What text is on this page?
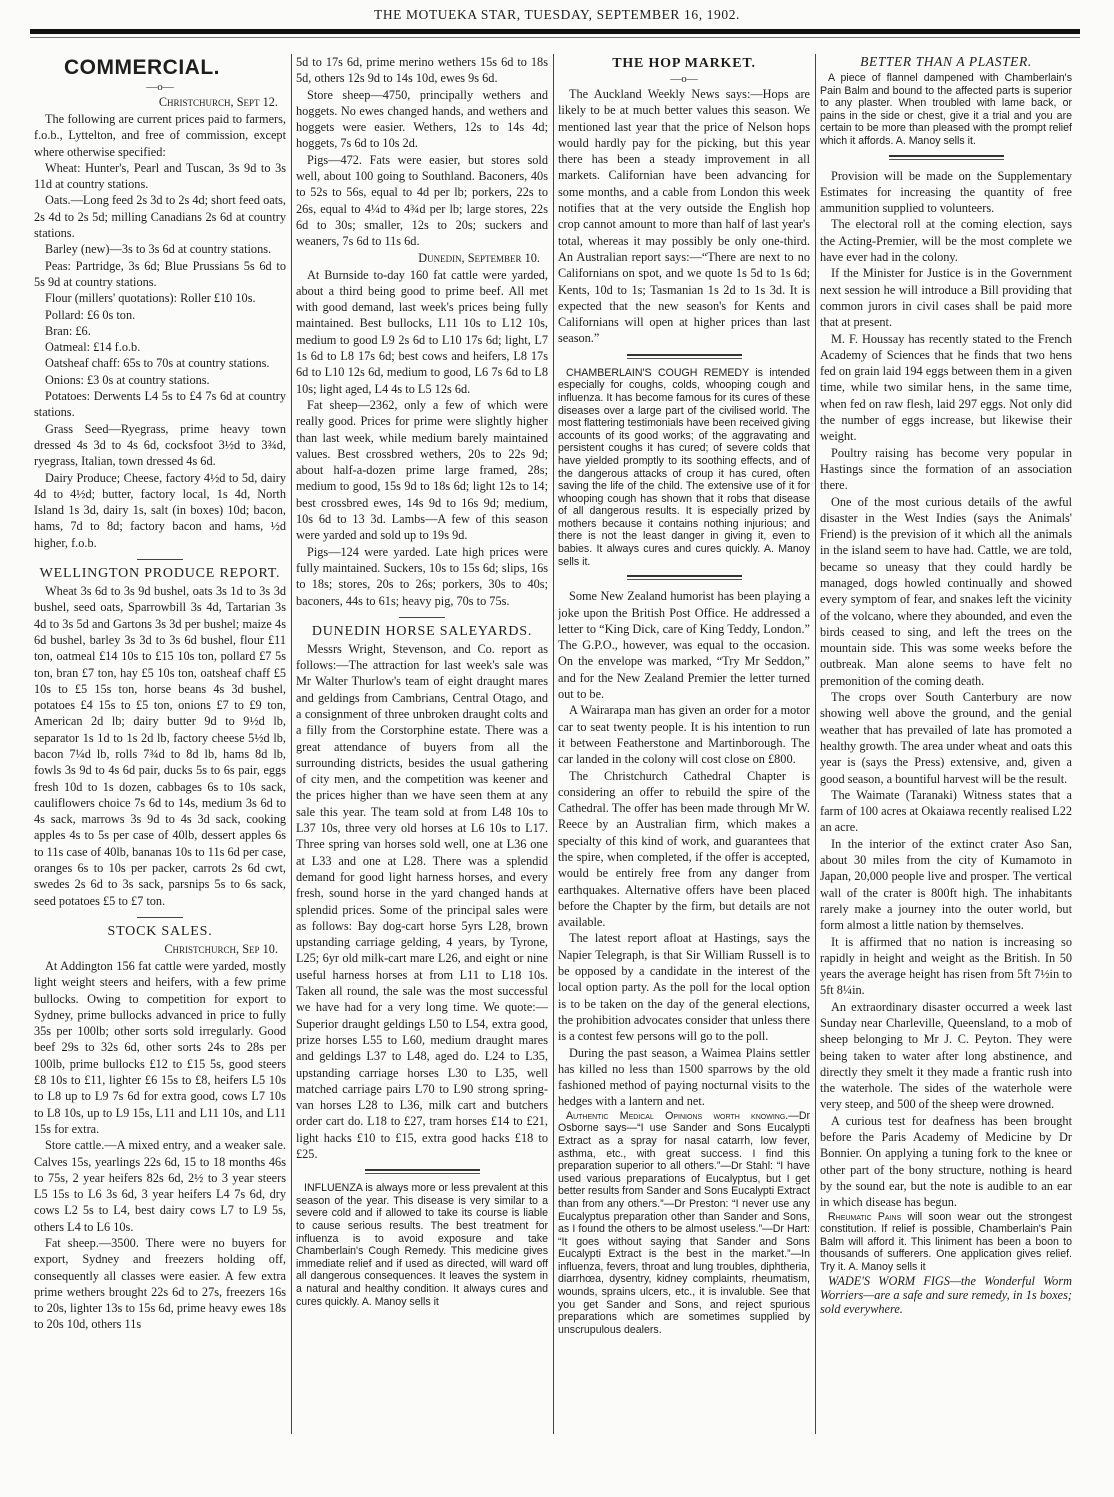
THE MOTUEKA STAR, TUESDAY, SEPTEMBER 16, 1902.
COMMERCIAL.
—o—
Christchurch, Sept 12.

The following are current prices paid to farmers, f.o.b., Lyttelton, and free of commission, except where otherwise specified:

Wheat: Hunter's, Pearl and Tuscan, 3s 9d to 3s 11d at country stations.

Oats.—Long feed 2s 3d to 2s 4d; short feed oats, 2s 4d to 2s 5d; milling Canadians 2s 6d at country stations.

Barley (new)—3s to 3s 6d at country stations.

Peas: Partridge, 3s 6d; Blue Prussians 5s 6d to 5s 9d at country stations.

Flour (millers' quotations): Roller £10 10s.

Pollard: £6 0s ton.

Bran: £6.

Oatmeal: £14 f.o.b.

Oatsheaf chaff: 65s to 70s at country stations.

Onions: £3 0s at country stations.

Potatoes: Derwents L4 5s to £4 7s 6d at country stations.

Grass Seed—Ryegrass, prime heavy town dressed 4s 3d to 4s 6d, cocksfoot 3½d to 3¾d, ryegrass, Italian, town dressed 4s 6d.

Dairy Produce; Cheese, factory 4½d to 5d, dairy 4d to 4½d; butter, factory local, 1s 4d, North Island 1s 3d, dairy 1s, salt (in boxes) 10d; bacon, hams, 7d to 8d; factory bacon and hams, ½d higher, f.o.b.

WELLINGTON PRODUCE REPORT.

Wheat 3s 6d to 3s 9d bushel, oats 3s 1d to 3s 3d bushel, seed oats, Sparrowbill 3s 4d, Tartarian 3s 4d to 3s 5d and Gartons 3s 3d per bushel; maize 4s 6d bushel, barley 3s 3d to 3s 6d bushel, flour £11 ton, oatmeal £14 10s to £15 10s ton, pollard £7 5s ton, bran £7 ton, hay £5 10s ton, oatsheaf chaff £5 10s to £5 15s ton, horse beans 4s 3d bushel, potatoes £4 15s to £5 ton, onions £7 to £9 ton, American 2d lb; dairy butter 9d to 9½d lb, separator 1s 1d to 1s 2d lb, factory cheese 5½d lb, bacon 7¼d lb, rolls 7¾d to 8d lb, hams 8d lb, fowls 3s 9d to 4s 6d pair, ducks 5s to 6s pair, eggs fresh 10d to 1s dozen, cabbages 6s to 10s sack, cauliflowers choice 7s 6d to 14s, medium 3s 6d to 4s sack, marrows 3s 9d to 4s 3d sack, cooking apples 4s to 5s per case of 40lb, dessert apples 6s to 11s case of 40lb, bananas 10s to 11s 6d per case, oranges 6s to 10s per packer, carrots 2s 6d cwt, swedes 2s 6d to 3s sack, parsnips 5s to 6s sack, seed potatoes £5 to £7 ton.

STOCK SALES.
Christchurch, Sep 10.

At Addington 156 fat cattle were yarded, mostly light weight steers and heifers, with a few prime bullocks. Owing to competition for export to Sydney, prime bullocks advanced in price to fully 35s per 100lb; other sorts sold irregularly. Good beef 29s to 32s 6d, other sorts 24s to 28s per 100lb, prime bullocks £12 to £15 5s, good steers £8 10s to £11, lighter £6 15s to £8, heifers L5 10s to L8 up to L9 7s 6d for extra good, cows L7 10s to L8 10s, up to L9 15s, L11 and L11 10s, and L11 15s for extra.

Store cattle.—A mixed entry, and a weaker sale. Calves 15s, yearlings 22s 6d, 15 to 18 months 46s to 75s, 2 year heifers 82s 6d, 2½ to 3 year steers L5 15s to L6 3s 6d, 3 year heifers L4 7s 6d, dry cows L2 5s to L4, best dairy cows L7 to L9 5s, others L4 to L6 10s.

Fat sheep.—3500. There were no buyers for export, Sydney and freezers holding off, consequently all classes were easier. A few extra prime wethers brought 22s 6d to 27s, freezers 16s to 20s, lighter 13s to 15s 6d, prime heavy ewes 18s to 20s 10d, others 11s

5d to 17s 6d, prime merino wethers 15s 6d to 18s 5d, others 12s 9d to 14s 10d, ewes 9s 6d.

Store sheep—4750, principally wethers and hoggets. No ewes changed hands, and wethers and hoggets were easier. Wethers, 12s to 14s 4d; hoggets, 7s 6d to 10s 2d.

Pigs—472. Fats were easier, but stores sold well, about 100 going to Southland. Baconers, 40s to 52s to 56s, equal to 4d per lb; porkers, 22s to 26s, equal to 4¼d to 4¾d per lb; large stores, 22s 6d to 30s; smaller, 12s to 20s; suckers and weaners, 7s 6d to 11s 6d.

Dunedin, September 10.

At Burnside to-day 160 fat cattle were yarded, about a third being good to prime beef. All met with good demand, last week's prices being fully maintained. Best bullocks, L11 10s to L12 10s, medium to good L9 2s 6d to L10 17s 6d; light, L7 1s 6d to L8 17s 6d; best cows and heifers, L8 17s 6d to L10 12s 6d, medium to good, L6 7s 6d to L8 10s; light aged, L4 4s to L5 12s 6d.

Fat sheep—2362, only a few of which were really good. Prices for prime were slightly higher than last week, while medium barely maintained values. Best crossbred wethers, 20s to 22s 9d; about half-a-dozen prime large framed, 28s; medium to good, 15s 9d to 18s 6d; light 12s to 14; best crossbred ewes, 14s 9d to 16s 9d; medium, 10s 6d to 13 3d. Lambs—A few of this season were yarded and sold up to 19s 9d.

Pigs—124 were yarded. Late high prices were fully maintained. Suckers, 10s to 15s 6d; slips, 16s to 18s; stores, 20s to 26s; porkers, 30s to 40s; baconers, 44s to 61s; heavy pig, 70s to 75s.

DUNEDIN HORSE SALEYARDS.

Messrs Wright, Stevenson, and Co. report as follows:—The attraction for last week's sale was Mr Walter Thurlow's team of eight draught mares and geldings from Cambrians, Central Otago, and a consignment of three unbroken draught colts and a filly from the Corstorphine estate. There was a great attendance of buyers from all the surrounding districts, besides the usual gathering of city men, and the competition was keener and the prices higher than we have seen them at any sale this year. The team sold at from L48 10s to L37 10s, three very old horses at L6 10s to L17. Three spring van horses sold well, one at L36 one at L33 and one at L28. There was a splendid demand for good light harness horses, and every fresh, sound horse in the yard changed hands at splendid prices. Some of the principal sales were as follows: Bay dog-cart horse 5yrs L28, brown upstanding carriage gelding, 4 years, by Tyrone, L25; 6yr old milk-cart mare L26, and eight or nine useful harness horses at from L11 to L18 10s. Taken all round, the sale was the most successful we have had for a very long time. We quote:—Superior draught geldings L50 to L54, extra good, prize horses L55 to L60, medium draught mares and geldings L37 to L48, aged do. L24 to L35, upstanding carriage horses L30 to L35, well matched carriage pairs L70 to L90 strong spring-van horses L28 to L36, milk cart and butchers order cart do. L18 to £27, tram horses £14 to £21, light hacks £10 to £15, extra good hacks £18 to £25.

INFLUENZA is always more or less prevalent at this season of the year. This disease is very similar to a severe cold and if allowed to take its course is liable to cause serious results. The best treatment for influenza is to avoid exposure and take Chamberlain's Cough Remedy. This medicine gives immediate relief and if used as directed, will ward off all dangerous consequences. It leaves the system in a natural and healthy condition. It always cures and cures quickly. A. Manoy sells it

THE HOP MARKET.
—o—

The Auckland Weekly News says:—Hops are likely to be at much better values this season. We mentioned last year that the price of Nelson hops would hardly pay for the picking, but this year there has been a steady improvement in all markets. Californian have been advancing for some months, and a cable from London this week notifies that at the very outside the English hop crop cannot amount to more than half of last year's total, whereas it may possibly be only one-third. An Australian report says:—“There are next to no Californians on spot, and we quote 1s 5d to 1s 6d; Kents, 10d to 1s; Tasmanian 1s 2d to 1s 3d. It is expected that the new season's for Kents and Californians will open at higher prices than last season.”

CHAMBERLAIN'S COUGH REMEDY is intended especially for coughs, colds, whooping cough and influenza. It has become famous for its cures of these diseases over a large part of the civilised world. The most flattering testimonials have been received giving accounts of its good works; of the aggravating and persistent coughs it has cured; of severe colds that have yielded promptly to its soothing effects, and of the dangerous attacks of croup it has cured, often saving the life of the child. The extensive use of it for whooping cough has shown that it robs that disease of all dangerous results. It is especially prized by mothers because it contains nothing injurious; and there is not the least danger in giving it, even to babies. It always cures and cures quickly. A. Manoy sells it.

Some New Zealand humorist has been playing a joke upon the British Post Office. He addressed a letter to “King Dick, care of King Teddy, London.” The G.P.O., however, was equal to the occasion. On the envelope was marked, “Try Mr Seddon,” and for the New Zealand Premier the letter turned out to be.

A Wairarapa man has given an order for a motor car to seat twenty people. It is his intention to run it between Featherstone and Martinborough. The car landed in the colony will cost close on £800.

The Christchurch Cathedral Chapter is considering an offer to rebuild the spire of the Cathedral. The offer has been made through Mr W. Reece by an Australian firm, which makes a specialty of this kind of work, and guarantees that the spire, when completed, if the offer is accepted, would be entirely free from any danger from earthquakes. Alternative offers have been placed before the Chapter by the firm, but details are not available.

The latest report afloat at Hastings, says the Napier Telegraph, is that Sir William Russell is to be opposed by a candidate in the interest of the local option party. As the poll for the local option is to be taken on the day of the general elections, the prohibition advocates consider that unless there is a contest few persons will go to the poll.

During the past season, a Waimea Plains settler has killed no less than 1500 sparrows by the old fashioned method of paying nocturnal visits to the hedges with a lantern and net.

Authentic Medical Opinions worth knowing.—Dr Osborne says—“I use Sander and Sons Eucalypti Extract as a spray for nasal catarrh, low fever, asthma, etc., with great success. I find this preparation superior to all others.”—Dr Stahl: “I have used various preparations of Eucalyptus, but I get better results from Sander and Sons Eucalypti Extract than from any others.”—Dr Preston: “I never use any Eucalyptus preparation other than Sander and Sons, as I found the others to be almost useless.”—Dr Hart: “It goes without saying that Sander and Sons Eucalypti Extract is the best in the market.”—In influenza, fevers, throat and lung troubles, diphtheria, diarrhœa, dysentry, kidney complaints, rheumatism, wounds, sprains ulcers, etc., it is invaluble. See that you get Sander and Sons, and reject spurious preparations which are sometimes supplied by unscrupulous dealers.

BETTER THAN A PLASTER.

A piece of flannel dampened with Chamberlain's Pain Balm and bound to the affected parts is superior to any plaster. When troubled with lame back, or pains in the side or chest, give it a trial and you are certain to be more than pleased with the prompt relief which it affords. A. Manoy sells it.

Provision will be made on the Supplementary Estimates for increasing the quantity of free ammunition supplied to volunteers.

The electoral roll at the coming election, says the Acting-Premier, will be the most complete we have ever had in the colony.

If the Minister for Justice is in the Government next session he will introduce a Bill providing that common jurors in civil cases shall be paid more that at present.

M. F. Houssay has recently stated to the French Academy of Sciences that he finds that two hens fed on grain laid 194 eggs between them in a given time, while two similar hens, in the same time, when fed on raw flesh, laid 297 eggs. Not only did the number of eggs increase, but likewise their weight.

Poultry raising has become very popular in Hastings since the formation of an association there.

One of the most curious details of the awful disaster in the West Indies (says the Animals' Friend) is the prevision of it which all the animals in the island seem to have had. Cattle, we are told, became so uneasy that they could hardly be managed, dogs howled continually and showed every symptom of fear, and snakes left the vicinity of the volcano, where they abounded, and even the birds ceased to sing, and left the trees on the mountain side. This was some weeks before the outbreak. Man alone seems to have felt no premonition of the coming death.

The crops over South Canterbury are now showing well above the ground, and the genial weather that has prevailed of late has promoted a healthy growth. The area under wheat and oats this year is (says the Press) extensive, and, given a good season, a bountiful harvest will be the result.

The Waimate (Taranaki) Witness states that a farm of 100 acres at Okaiawa recently realised L22 an acre.

In the interior of the extinct crater Aso San, about 30 miles from the city of Kumamoto in Japan, 20,000 people live and prosper. The vertical wall of the crater is 800ft high. The inhabitants rarely make a journey into the outer world, but form almost a little nation by themselves.

It is affirmed that no nation is increasing so rapidly in height and weight as the British. In 50 years the average height has risen from 5ft 7½in to 5ft 8¼in.

An extraordinary disaster occurred a week last Sunday near Charleville, Queensland, to a mob of sheep belonging to Mr J. C. Peyton. They were being taken to water after long abstinence, and directly they smelt it they made a frantic rush into the waterhole. The sides of the waterhole were very steep, and 500 of the sheep were drowned.

A curious test for deafness has been brought before the Paris Academy of Medicine by Dr Bonnier. On applying a tuning fork to the knee or other part of the bony structure, nothing is heard by the sound ear, but the note is audible to an ear in which disease has begun.

Rheumatic Pains will soon wear out the strongest constitution. If relief is possible, Chamberlain's Pain Balm will afford it. This liniment has been a boon to thousands of sufferers. One application gives relief. Try it. A. Manoy sells it

WADE'S WORM FIGS—the Wonderful Worm Worriers—are a safe and sure remedy, in 1s boxes; sold everywhere.
